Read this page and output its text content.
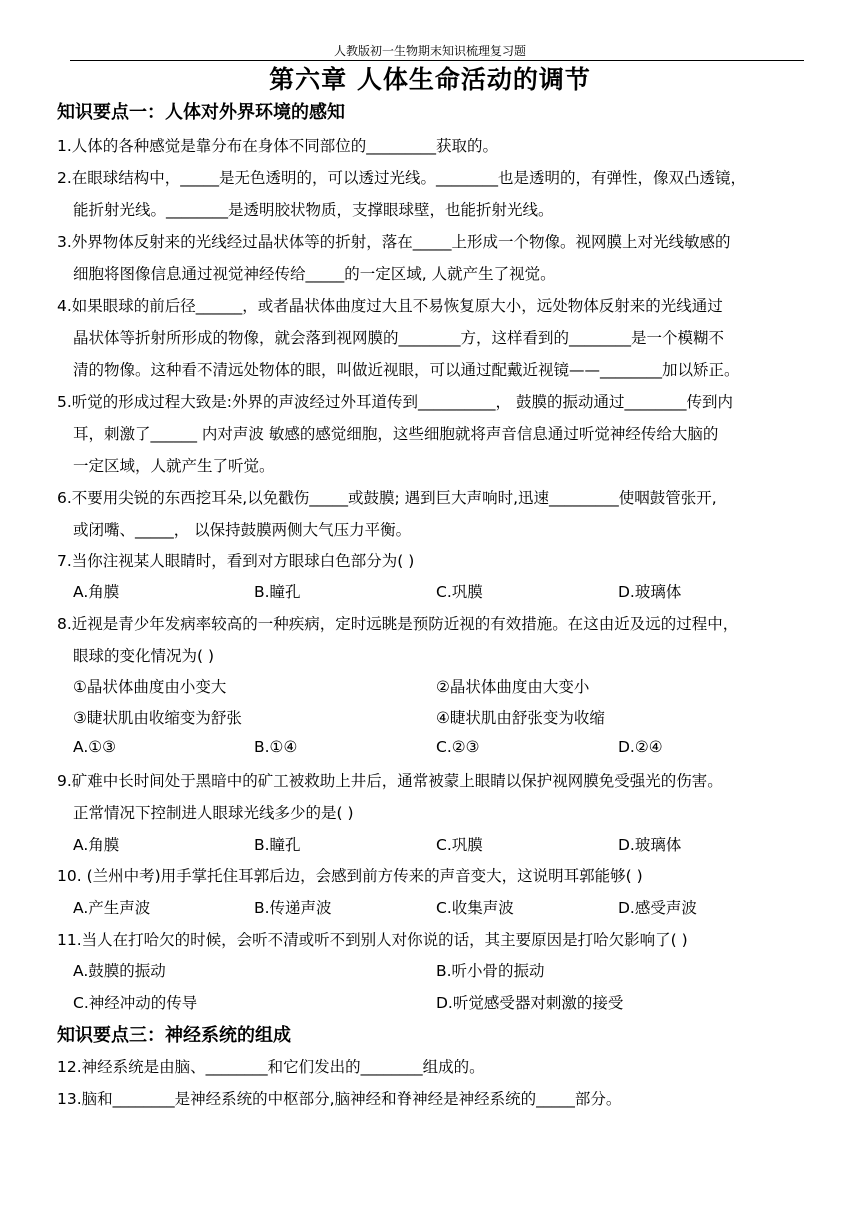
人教版初一生物期末知识梳理复习题
第六章 人体生命活动的调节
知识要点一：人体对外界环境的感知
1.人体的各种感觉是靠分布在身体不同部位的_________获取的。
2.在眼球结构中，_____是无色透明的，可以透过光线。________也是透明的，有弹性，像双凸透镜，
能折射光线。________是透明胶状物质，支撑眼球壁，也能折射光线。
3.外界物体反射来的光线经过晶状体等的折射，落在_____上形成一个物像。视网膜上对光线敏感的
细胞将图像信息通过视觉神经传给_____的一定区域, 人就产生了视觉。
4.如果眼球的前后径______，或者晶状体曲度过大且不易恢复原大小，远处物体反射来的光线通过
晶状体等折射所形成的物像，就会落到视网膜的________方，这样看到的________是一个模糊不
清的物像。这种看不清远处物体的眼，叫做近视眼，可以通过配戴近视镜——________加以矫正。
5.听觉的形成过程大致是:外界的声波经过外耳道传到__________， 鼓膜的振动通过________传到内
耳，刺激了______ 内对声波 敏感的感觉细胞，这些细胞就将声音信息通过听觉神经传给大脑的
一定区域，人就产生了听觉。
6.不要用尖锐的东西挖耳朵,以免戳伤_____或鼓膜; 遇到巨大声响时,迅速_________使咽鼓管张开,
或闭嘴、_____， 以保持鼓膜两侧大气压力平衡。
7.当你注视某人眼睛时，看到对方眼球白色部分为( )
A.角膜	B.瞳孔	C.巩膜	D.玻璃体
8.近视是青少年发病率较高的一种疾病，定时远眺是预防近视的有效措施。在这由近及远的过程中，
眼球的变化情况为( )
①晶状体曲度由小变大	②晶状体曲度由大变小
③睫状肌由收缩变为舒张	④睫状肌由舒张变为收缩
A.①③	B.①④	C.②③	D.②④
9.矿难中长时间处于黑暗中的矿工被救助上井后，通常被蒙上眼睛以保护视网膜免受强光的伤害。
正常情况下控制进人眼球光线多少的是( )
A.角膜	B.瞳孔	C.巩膜	D.玻璃体
10. (兰州中考)用手掌托住耳郭后边，会感到前方传来的声音变大，这说明耳郭能够( )
A.产生声波	B.传递声波	C.收集声波	D.感受声波
11.当人在打哈欠的时候，会听不清或听不到别人对你说的话，其主要原因是打哈欠影响了( )
A.鼓膜的振动	B.听小骨的振动
C.神经冲动的传导	D.听觉感受器对刺激的接受
知识要点三：神经系统的组成
12.神经系统是由脑、________和它们发出的________组成的。
13.脑和________是神经系统的中枢部分,脑神经和脊神经是神经系统的_____部分。
